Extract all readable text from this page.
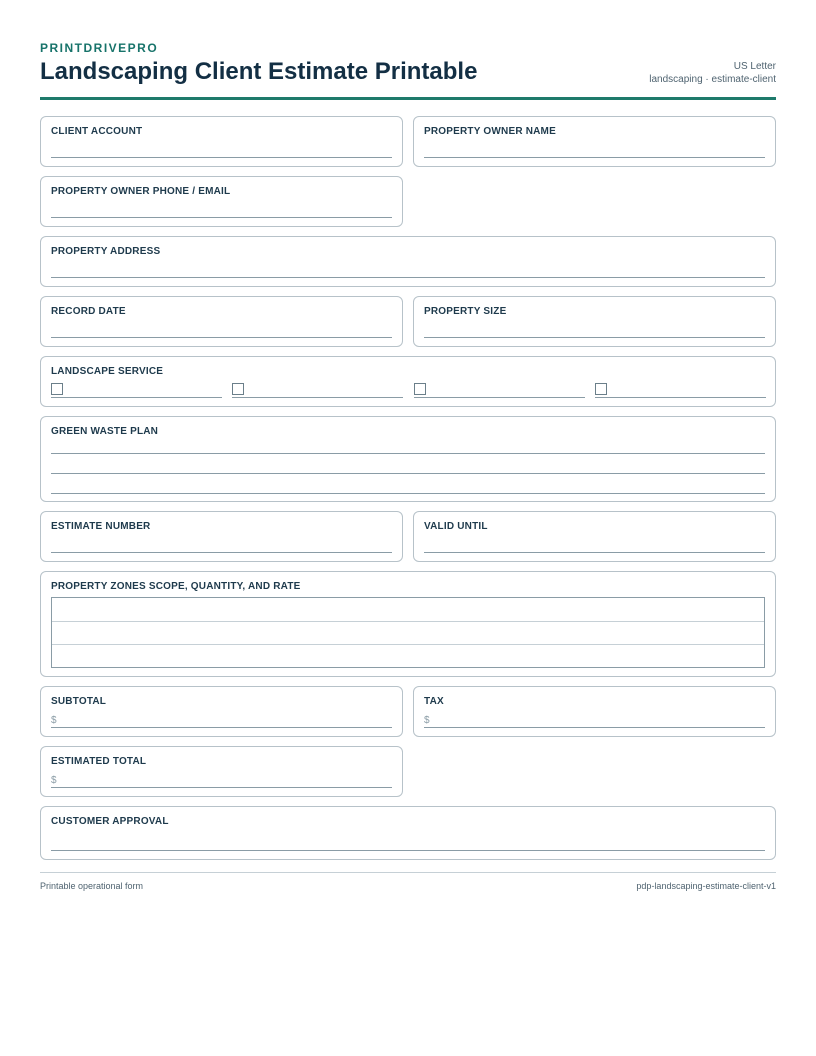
PRINTDRIVEPRO
Landscaping Client Estimate Printable	US Letter
landscaping · estimate-client
CLIENT ACCOUNT	PROPERTY OWNER NAME
PROPERTY OWNER PHONE / EMAIL
PROPERTY ADDRESS
RECORD DATE	PROPERTY SIZE
LANDSCAPE SERVICE
GREEN WASTE PLAN
ESTIMATE NUMBER	VALID UNTIL
PROPERTY ZONES SCOPE, QUANTITY, AND RATE
SUBTOTAL
$
TAX
$
ESTIMATED TOTAL
$
CUSTOMER APPROVAL
Printable operational form	pdp-landscaping-estimate-client-v1
